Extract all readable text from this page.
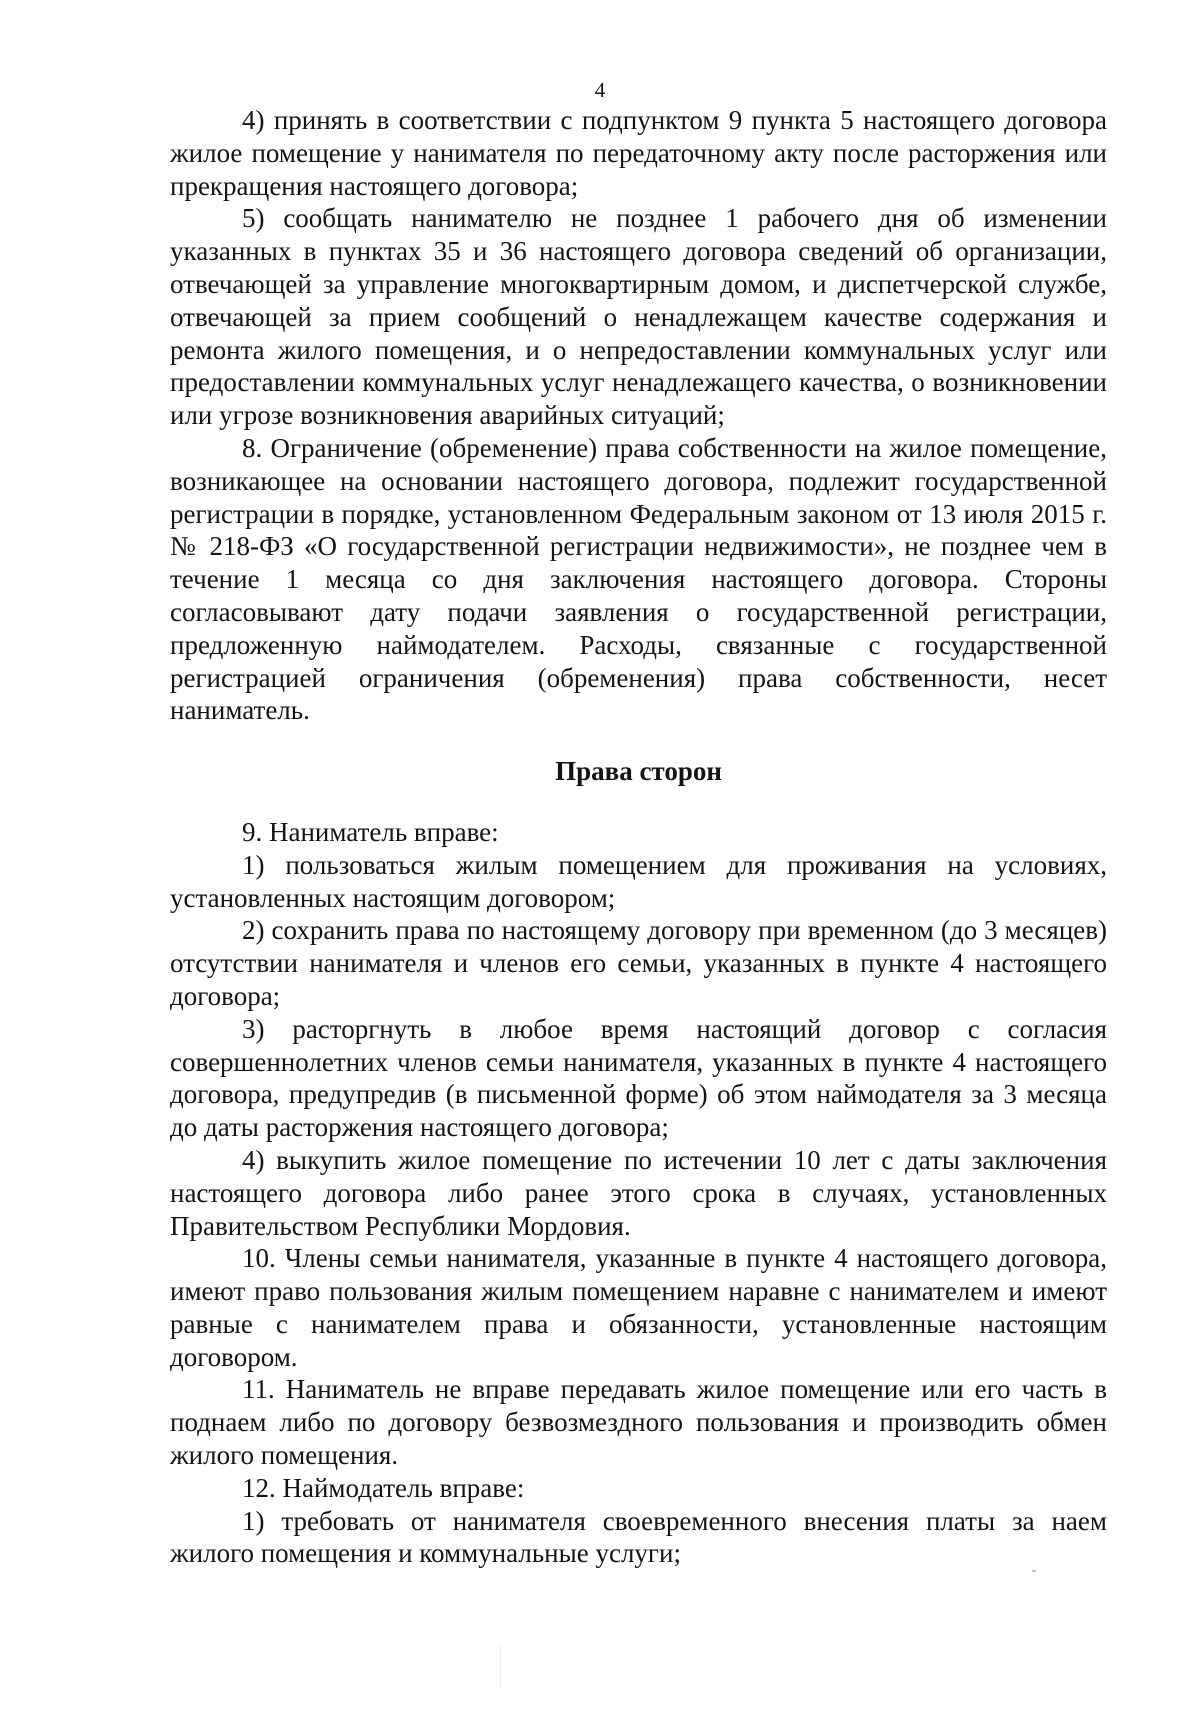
4

4) принять в соответствии с подпунктом 9 пункта 5 настоящего договора жилое помещение у нанимателя по передаточному акту после расторжения или прекращения настоящего договора;

5) сообщать нанимателю не позднее 1 рабочего дня об изменении указанных в пунктах 35 и 36 настоящего договора сведений об организации, отвечающей за управление многоквартирным домом, и диспетчерской службе, отвечающей за прием сообщений о ненадлежащем качестве содержания и ремонта жилого помещения, и о непредоставлении коммунальных услуг или предоставлении коммунальных услуг ненадлежащего качества, о возникновении или угрозе возникновения аварийных ситуаций;

8. Ограничение (обременение) права собственности на жилое помещение, возникающее на основании настоящего договора, подлежит государственной регистрации в порядке, установленном Федеральным законом от 13 июля 2015 г. № 218-ФЗ «О государственной регистрации недвижимости», не позднее чем в течение 1 месяца со дня заключения настоящего договора. Стороны согласовывают дату подачи заявления о государственной регистрации, предложенную наймодателем. Расходы, связанные с государственной регистрацией ограничения (обременения) права собственности, несет наниматель.

Права сторон

9. Наниматель вправе:

1) пользоваться жилым помещением для проживания на условиях, установленных настоящим договором;

2) сохранить права по настоящему договору при временном (до 3 месяцев) отсутствии нанимателя и членов его семьи, указанных в пункте 4 настоящего договора;

3) расторгнуть в любое время настоящий договор с согласия совершеннолетних членов семьи нанимателя, указанных в пункте 4 настоящего договора, предупредив (в письменной форме) об этом наймодателя за 3 месяца до даты расторжения настоящего договора;

4) выкупить жилое помещение по истечении 10 лет с даты заключения настоящего договора либо ранее этого срока в случаях, установленных Правительством Республики Мордовия.

10. Члены семьи нанимателя, указанные в пункте 4 настоящего договора, имеют право пользования жилым помещением наравне с нанимателем и имеют равные с нанимателем права и обязанности, установленные настоящим договором.

11. Наниматель не вправе передавать жилое помещение или его часть в поднаем либо по договору безвозмездного пользования и производить обмен жилого помещения.

12. Наймодатель вправе:

1) требовать от нанимателя своевременного внесения платы за наем жилого помещения и коммунальные услуги;
